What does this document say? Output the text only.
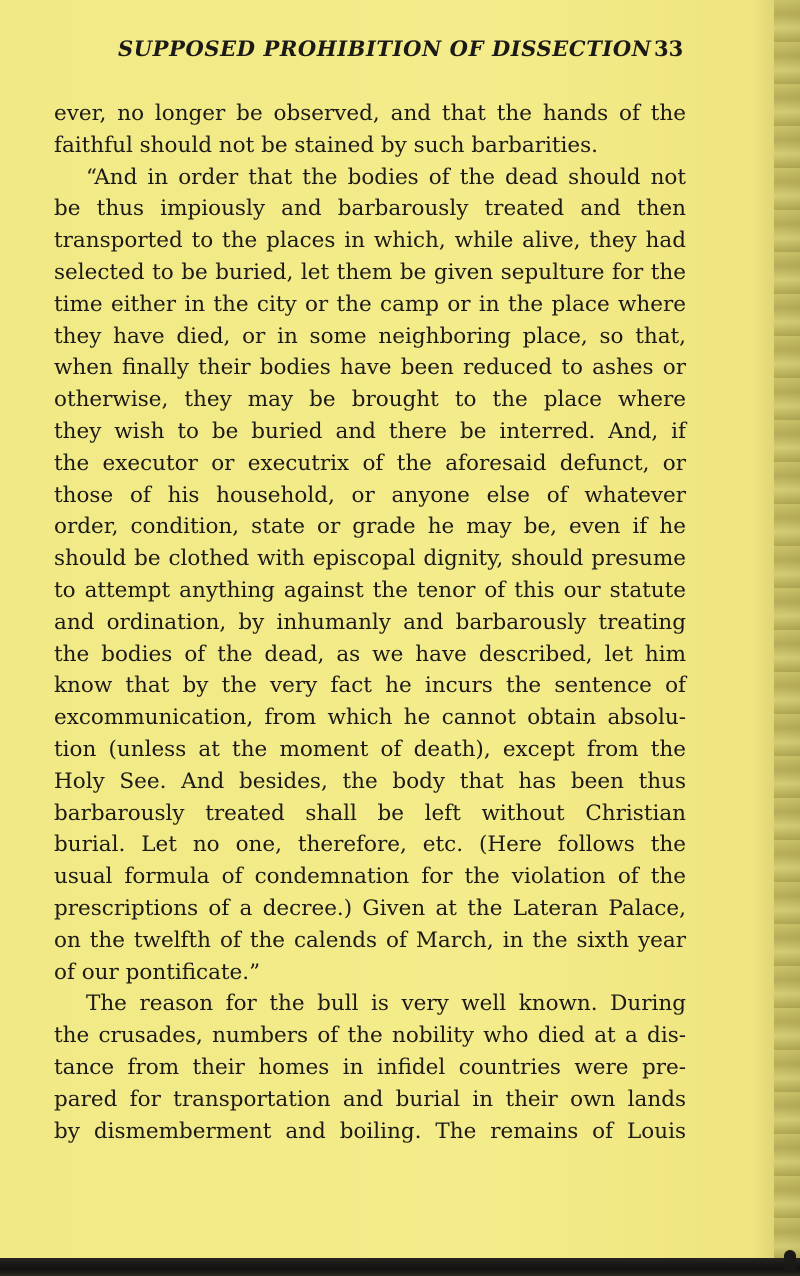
SUPPOSED PROHIBITION OF DISSECTION 33
ever, no longer be observed, and that the hands of the
faithful should not be stained by such barbarities.
“And in order that the bodies of the dead should not
be thus impiously and barbarously treated and then
transported to the places in which, while alive, they had
selected to be buried, let them be given sepulture for the
time either in the city or the camp or in the place where
they have died, or in some neighboring place, so that,
when finally their bodies have been reduced to ashes or
otherwise, they may be brought to the place where
they wish to be buried and there be interred. And, if
the executor or executrix of the aforesaid defunct, or
those of his household, or anyone else of whatever
order, condition, state or grade he may be, even if he
should be clothed with episcopal dignity, should presume
to attempt anything against the tenor of this our statute
and ordination, by inhumanly and barbarously treating
the bodies of the dead, as we have described, let him
know that by the very fact he incurs the sentence of
excommunication, from which he cannot obtain absolu-
tion (unless at the moment of death), except from the
Holy See. And besides, the body that has been thus
barbarously treated shall be left without Christian
burial. Let no one, therefore, etc. (Here follows the
usual formula of condemnation for the violation of the
prescriptions of a decree.) Given at the Lateran Palace,
on the twelfth of the calends of March, in the sixth year
of our pontificate.”
The reason for the bull is very well known. During
the crusades, numbers of the nobility who died at a dis-
tance from their homes in infidel countries were pre-
pared for transportation and burial in their own lands
by dismemberment and boiling. The remains of Louis
